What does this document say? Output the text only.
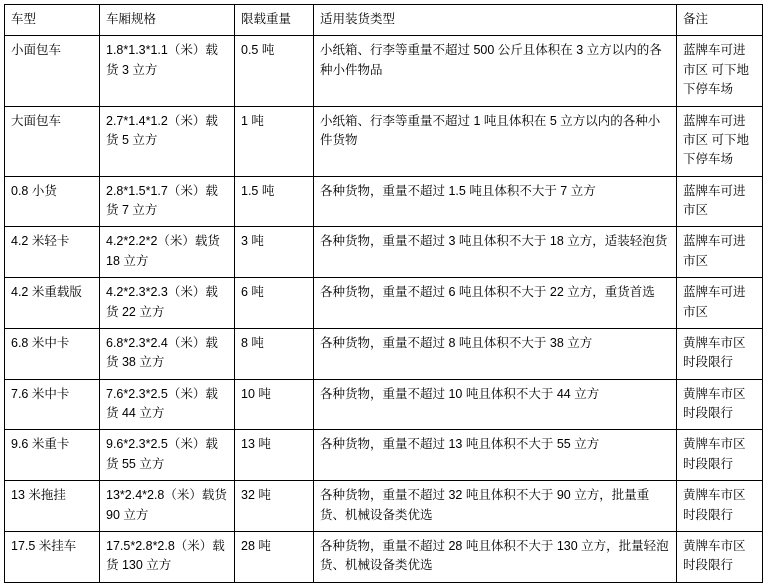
车型	车厢规格	限载重量	适用装货类型	备注
小面包车	1.8*1.3*1.1（米）载货 3 立方	0.5 吨	小纸箱、行李等重量不超过 500 公斤且体积在 3 立方以内的各种小件物品	蓝牌车可进市区 可下地下停车场
大面包车	2.7*1.4*1.2（米）载货 5 立方	1 吨	小纸箱、行李等重量不超过 1 吨且体积在 5 立方以内的各种小件货物	蓝牌车可进市区 可下地下停车场
0.8 小货	2.8*1.5*1.7（米）载货 7 立方	1.5 吨	各种货物，重量不超过 1.5 吨且体积不大于 7 立方	蓝牌车可进市区
4.2 米轻卡	4.2*2.2*2（米）载货 18 立方	3 吨	各种货物，重量不超过 3 吨且体积不大于 18 立方，适装轻泡货	蓝牌车可进市区
4.2 米重载版	4.2*2.3*2.3（米）载货 22 立方	6 吨	各种货物，重量不超过 6 吨且体积不大于 22 立方，重货首选	蓝牌车可进市区
6.8 米中卡	6.8*2.3*2.4（米）载货 38 立方	8 吨	各种货物，重量不超过 8 吨且体积不大于 38 立方	黄牌车市区时段限行
7.6 米中卡	7.6*2.3*2.5（米）载货 44 立方	10 吨	各种货物，重量不超过 10 吨且体积不大于 44 立方	黄牌车市区时段限行
9.6 米重卡	9.6*2.3*2.5（米）载货 55 立方	13 吨	各种货物，重量不超过 13 吨且体积不大于 55 立方	黄牌车市区时段限行
13 米拖挂	13*2.4*2.8（米）载货 90 立方	32 吨	各种货物，重量不超过 32 吨且体积不大于 90 立方，批量重货、机械设备类优选	黄牌车市区时段限行
17.5 米挂车	17.5*2.8*2.8（米）载货 130 立方	28 吨	各种货物，重量不超过 28 吨且体积不大于 130 立方，批量轻泡货、机械设备类优选	黄牌车市区时段限行
